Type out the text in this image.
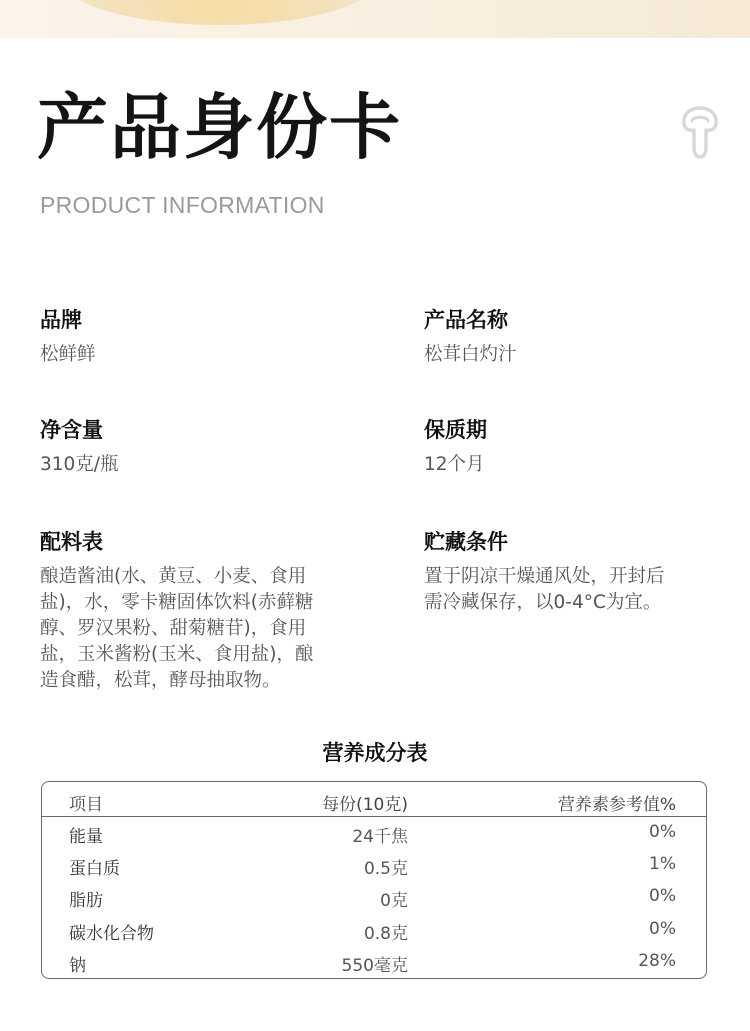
产品身份卡
PRODUCT INFORMATION
品牌
松鲜鲜
产品名称
松茸白灼汁
净含量
310克/瓶
保质期
12个月
配料表
酿造酱油(水、黄豆、小麦、食用
盐)，水，零卡糖固体饮料(赤藓糖
醇、罗汉果粉、甜菊糖苷)，食用
盐，玉米酱粉(玉米、食用盐)，酿
造食醋，松茸，酵母抽取物。
贮藏条件
置于阴凉干燥通风处，开封后
需冷藏保存，以0-4°C为宜。
营养成分表
项目	每份(10克)	营养素参考值%
能量	24千焦	0%
蛋白质	0.5克	1%
脂肪	0克	0%
碳水化合物	0.8克	0%
钠	550毫克	28%
